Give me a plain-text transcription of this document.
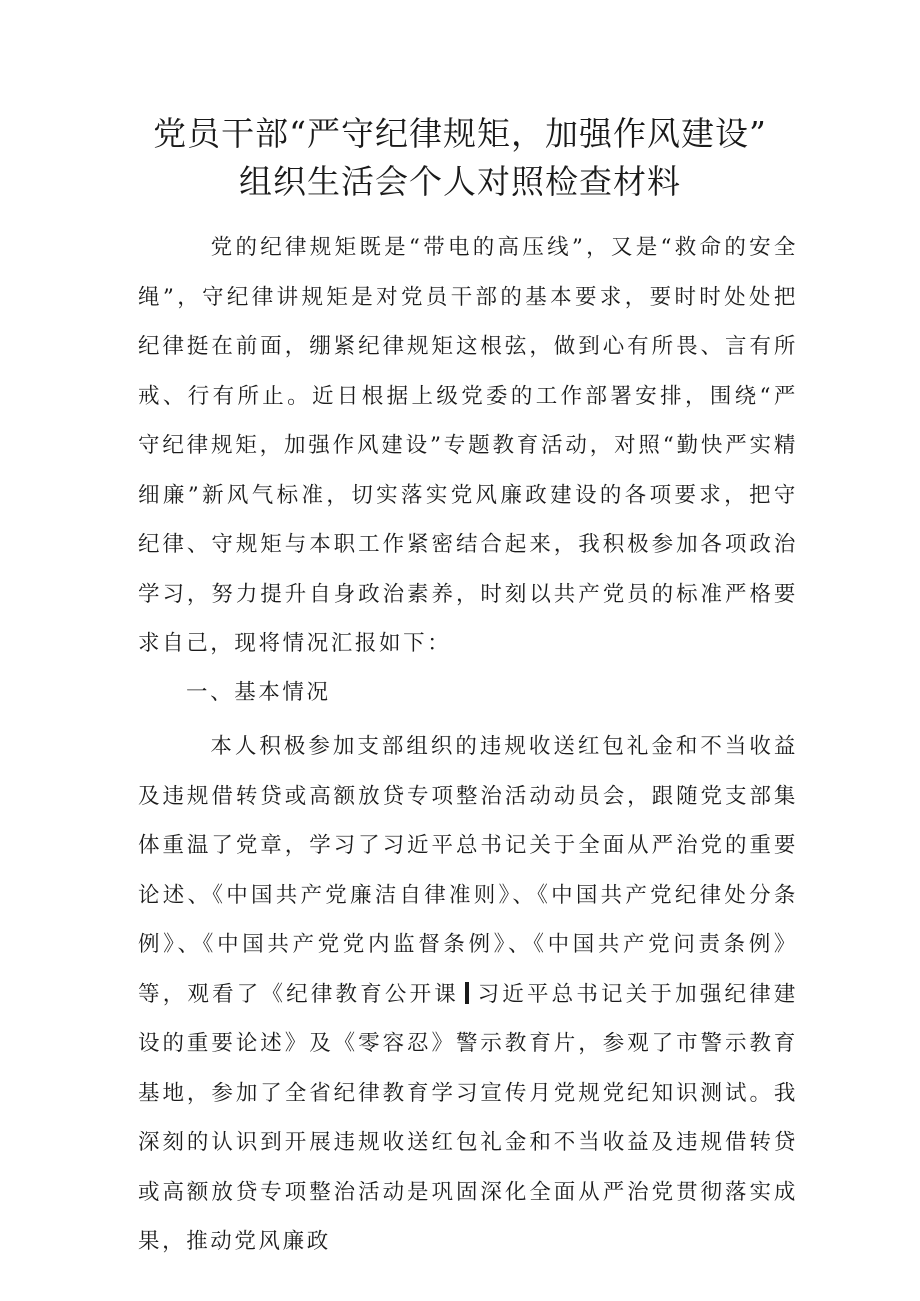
党员干部“严守纪律规矩，加强作风建设”
组织生活会个人对照检查材料

党的纪律规矩既是“带电的高压线”，又是“救命的安全绳”，守纪律讲规矩是对党员干部的基本要求，要时时处处把纪律挺在前面，绷紧纪律规矩这根弦，做到心有所畏、言有所戒、行有所止。近日根据上级党委的工作部署安排，围绕“严守纪律规矩，加强作风建设”专题教育活动，对照“勤快严实精细廉”新风气标准，切实落实党风廉政建设的各项要求，把守纪律、守规矩与本职工作紧密结合起来，我积极参加各项政治学习，努力提升自身政治素养，时刻以共产党员的标准严格要求自己，现将情况汇报如下：

一、基本情况

本人积极参加支部组织的违规收送红包礼金和不当收益及违规借转贷或高额放贷专项整治活动动员会，跟随党支部集体重温了党章，学习了习近平总书记关于全面从严治党的重要论述、《中国共产党廉洁自律准则》、《中国共产党纪律处分条例》、《中国共产党党内监督条例》、《中国共产党问责条例》等，观看了《纪律教育公开课 习近平总书记关于加强纪律建设的重要论述》及《零容忍》警示教育片，参观了市警示教育基地，参加了全省纪律教育学习宣传月党规党纪知识测试。我深刻的认识到开展违规收送红包礼金和不当收益及违规借转贷或高额放贷专项整治活动是巩固深化全面从严治党贯彻落实成果，推动党风廉政
